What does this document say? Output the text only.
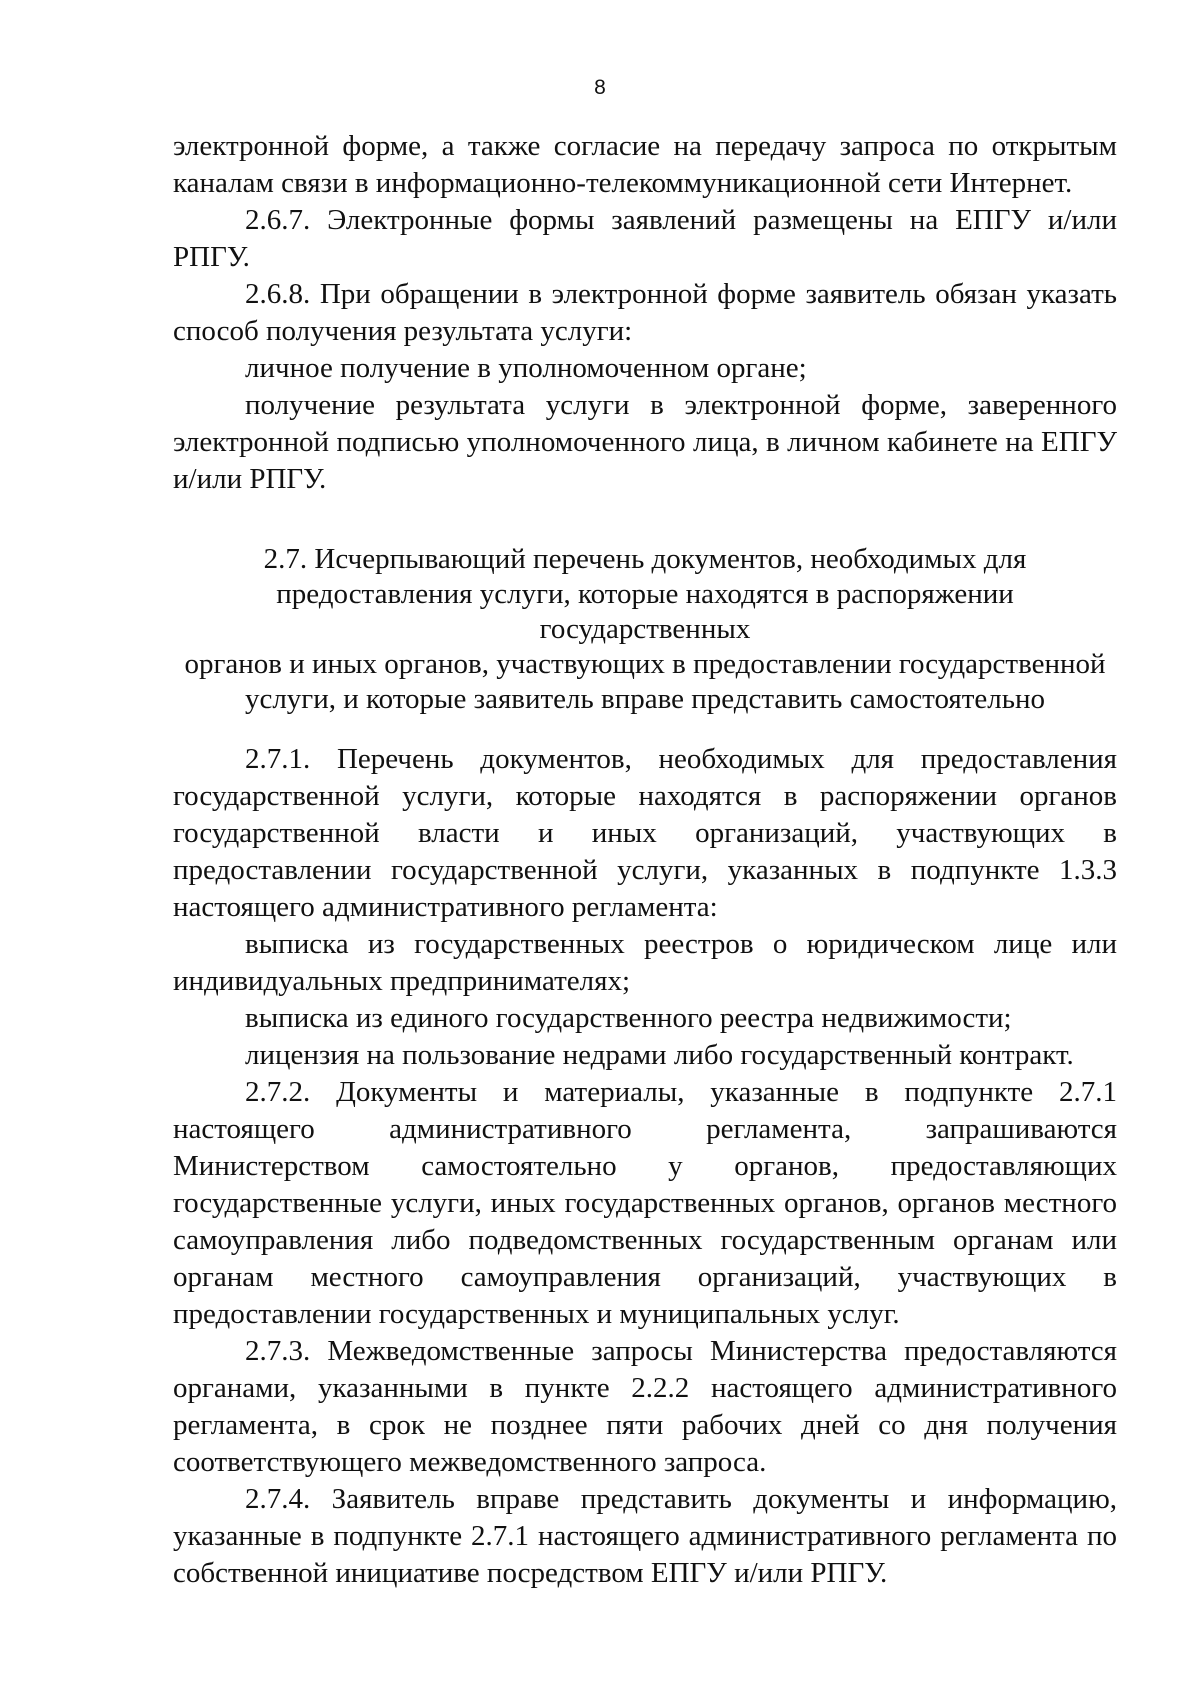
8

электронной форме, а также согласие на передачу запроса по открытым каналам связи в информационно-телекоммуникационной сети Интернет.

2.6.7. Электронные формы заявлений размещены на ЕПГУ и/или РПГУ.

2.6.8. При обращении в электронной форме заявитель обязан указать способ получения результата услуги:

личное получение в уполномоченном органе;

получение результата услуги в электронной форме, заверенного электронной подписью уполномоченного лица, в личном кабинете на ЕПГУ и/или РПГУ.

2.7. Исчерпывающий перечень документов, необходимых для
предоставления услуги, которые находятся в распоряжении государственных
органов и иных органов, участвующих в предоставлении государственной
услуги, и которые заявитель вправе представить самостоятельно

2.7.1. Перечень документов, необходимых для предоставления государственной услуги, которые находятся в распоряжении органов государственной власти и иных организаций, участвующих в предоставлении государственной услуги, указанных в подпункте 1.3.3 настоящего административного регламента:

выписка из государственных реестров о юридическом лице или индивидуальных предпринимателях;

выписка из единого государственного реестра недвижимости;

лицензия на пользование недрами либо государственный контракт.

2.7.2. Документы и материалы, указанные в подпункте 2.7.1 настоящего административного регламента, запрашиваются Министерством самостоятельно у органов, предоставляющих государственные услуги, иных государственных органов, органов местного самоуправления либо подведомственных государственным органам или органам местного самоуправления организаций, участвующих в предоставлении государственных и муниципальных услуг.

2.7.3. Межведомственные запросы Министерства предоставляются органами, указанными в пункте 2.2.2 настоящего административного регламента, в срок не позднее пяти рабочих дней со дня получения соответствующего межведомственного запроса.

2.7.4. Заявитель вправе представить документы и информацию, указанные в подпункте 2.7.1 настоящего административного регламента по собственной инициативе посредством ЕПГУ и/или РПГУ.
